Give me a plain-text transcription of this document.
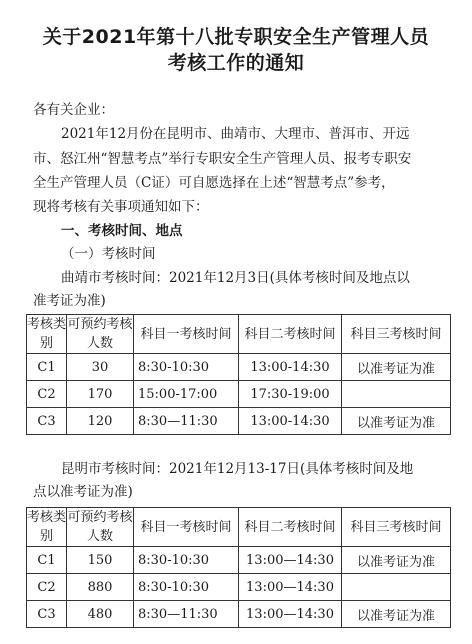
关于2021年第十八批专职安全生产管理人员
考核工作的通知
各有关企业：
2021年12月份在昆明市、曲靖市、大理市、普洱市、开远
市、怒江州“智慧考点”举行专职安全生产管理人员、报考专职安
全生产管理人员（C证）可自愿选择在上述“智慧考点”参考，
现将考核有关事项通知如下：
一、考核时间、地点
（一）考核时间
曲靖市考核时间：2021年12月3日(具体考核时间及地点以
准考证为准)
考核类别	可预约考核人数	科目一考核时间	科目二考核时间	科目三考核时间
C1	30	8:30-10:30	13:00-14:30	以准考证为准
C2	170	15:00-17:00	17:30-19:00	
C3	120	8:30—11:30	13:00-14:30	以准考证为准
昆明市考核时间：2021年12月13-17日(具体考核时间及地
点以准考证为准)
考核类别	可预约考核人数	科目一考核时间	科目二考核时间	科目三考核时间
C1	150	8:30-10:30	13:00—14:30	以准考证为准
C2	880	8:30-10:30	13:00—14:30	
C3	480	8:30—11:30	13:00—14:30	以准考证为准
